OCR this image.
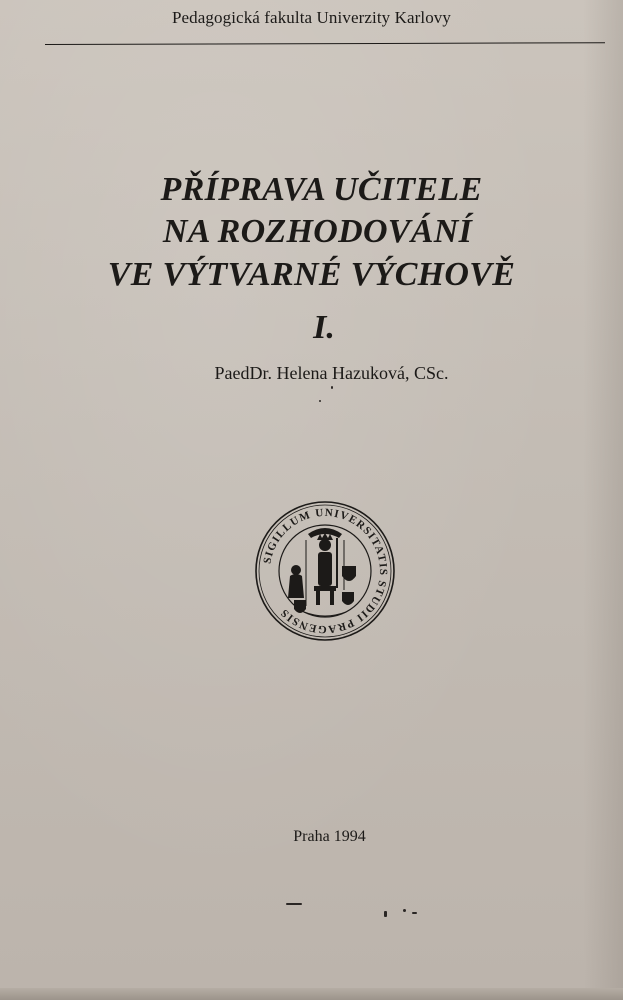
Pedagogická fakulta Univerzity Karlovy
PŘÍPRAVA UČITELE
NA ROZHODOVÁNÍ
VE VÝTVARNÉ VÝCHOVĚ
I.
PaedDr. Helena Hazuková, CSc.
SIGILLUM UNIVERSITATIS STUDII PRAGENSIS
Praha 1994
